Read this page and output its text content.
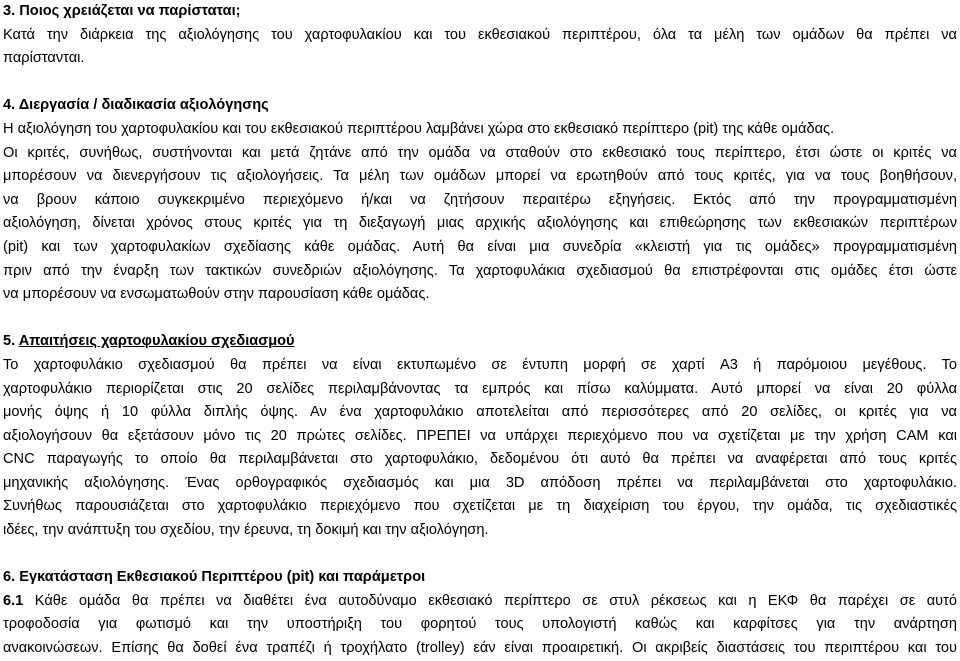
3. Ποιος χρειάζεται να παρίσταται;
Κατά την διάρκεια της αξιολόγησης του χαρτοφυλακίου και του εκθεσιακού περιπτέρου, όλα τα μέλη των ομάδων θα πρέπει να
παρίστανται.
4. Διεργασία / διαδικασία αξιολόγησης
Η αξιολόγηση του χαρτοφυλακίου και του εκθεσιακού περιπτέρου λαμβάνει χώρα στο εκθεσιακό περίπτερο (pit) της κάθε ομάδας.
Οι κριτές, συνήθως, συστήνονται και μετά ζητάνε από την ομάδα να σταθούν στο εκθεσιακό τους περίπτερο, έτσι ώστε οι κριτές να
μπορέσουν να διενεργήσουν τις αξιολογήσεις. Τα μέλη των ομάδων μπορεί να ερωτηθούν από τους κριτές, για να τους βοηθήσουν,
να βρουν κάποιο συγκεκριμένο περιεχόμενο ή/και να ζητήσουν περαιτέρω εξηγήσεις. Εκτός από την προγραμματισμένη
αξιολόγηση, δίνεται χρόνος στους κριτές για τη διεξαγωγή μιας αρχικής αξιολόγησης και επιθεώρησης των εκθεσιακών περιπτέρων
(pit) και των χαρτοφυλακίων σχεδίασης κάθε ομάδας. Αυτή θα είναι μια συνεδρία «κλειστή για τις ομάδες» προγραμματισμένη
πριν από την έναρξη των τακτικών συνεδριών αξιολόγησης. Τα χαρτοφυλάκια σχεδιασμού θα επιστρέφονται στις ομάδες έτσι ώστε
να μπορέσουν να ενσωματωθούν στην παρουσίαση κάθε ομάδας.
5. Απαιτήσεις χαρτοφυλακίου σχεδιασμού
Το χαρτοφυλάκιο σχεδιασμού θα πρέπει να είναι εκτυπωμένο σε έντυπη μορφή σε χαρτί A3 ή παρόμοιου μεγέθους. Το
χαρτοφυλάκιο περιορίζεται στις 20 σελίδες περιλαμβάνοντας τα εμπρός και πίσω καλύμματα. Αυτό μπορεί να είναι 20 φύλλα
μονής όψης ή 10 φύλλα διπλής όψης. Αν ένα χαρτοφυλάκιο αποτελείται από περισσότερες από 20 σελίδες, οι κριτές για να
αξιολογήσουν θα εξετάσουν μόνο τις 20 πρώτες σελίδες. ΠΡΕΠΕΙ να υπάρχει περιεχόμενο που να σχετίζεται με την χρήση CAM και
CNC παραγωγής το οποίο θα περιλαμβάνεται στο χαρτοφυλάκιο, δεδομένου ότι αυτό θα πρέπει να αναφέρεται από τους κριτές
μηχανικής αξιολόγησης. Ένας ορθογραφικός σχεδιασμός και μια 3D απόδοση πρέπει να περιλαμβάνεται στο χαρτοφυλάκιο.
Συνήθως παρουσιάζεται στο χαρτοφυλάκιο περιεχόμενο που σχετίζεται με τη διαχείριση του έργου, την ομάδα, τις σχεδιαστικές
ιδέες, την ανάπτυξη του σχεδίου, την έρευνα, τη δοκιμή και την αξιολόγηση.
6. Εγκατάσταση Εκθεσιακού Περιπτέρου (pit) και παράμετροι
6.1 Κάθε ομάδα θα πρέπει να διαθέτει ένα αυτοδύναμο εκθεσιακό περίπτερο σε στυλ ρέκσεως και η ΕΚΦ θα παρέχει σε αυτό
τροφοδοσία για φωτισμό και την υποστήριξη του φορητού τους υπολογιστή καθώς και καρφίτσες για την ανάρτηση
ανακοινώσεων. Επίσης θα δοθεί ένα τραπέζι ή τροχήλατο (trolley) εάν είναι προαιρετική. Οι ακριβείς διαστάσεις του περιπτέρου και του
